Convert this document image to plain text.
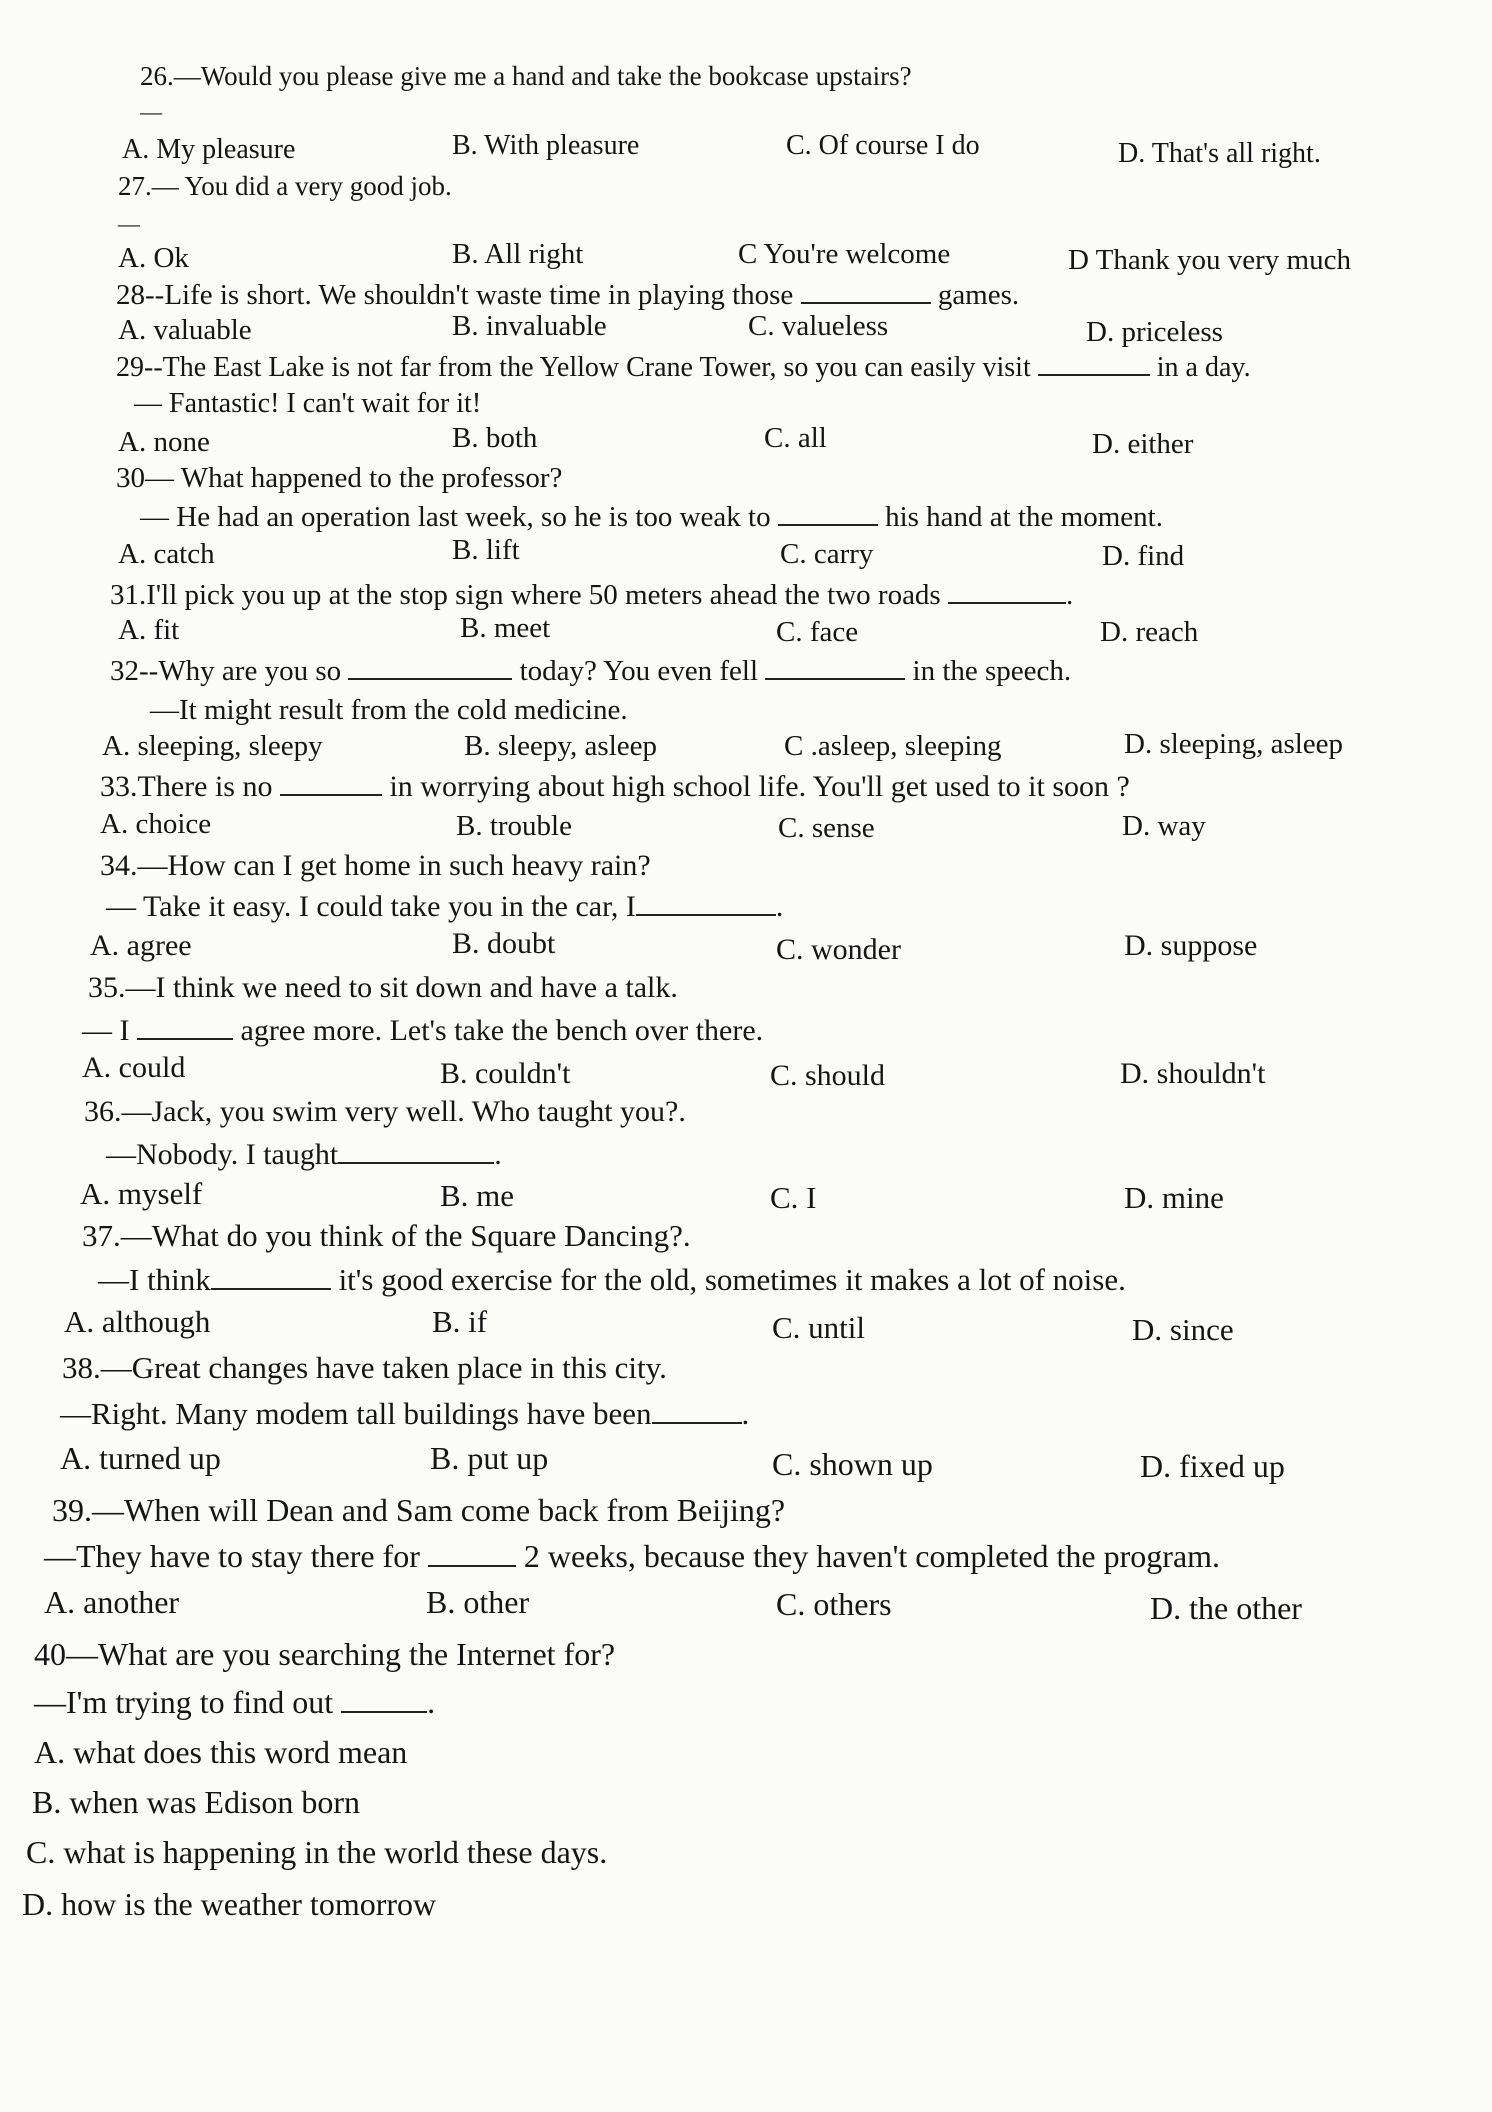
26.—Would you please give me a hand and take the bookcase upstairs?
—
A. My pleasure	B. With pleasure	C. Of course I do	D. That's all right.
27.— You did a very good job.
—
A. Ok	B. All right	C You're welcome	D Thank you very much
28--Life is short. We shouldn't waste time in playing those	games.
A. valuable	B. invaluable	C. valueless	D. priceless
29--The East Lake is not far from the Yellow Crane Tower, so you can easily visit	in a day.
— Fantastic! I can't wait for it!
A. none	B. both	C. all	D. either
30— What happened to the professor?
— He had an operation last week, so he is too weak to	his hand at the moment.
A. catch	B. lift	C. carry	D. find
31.I'll pick you up at the stop sign where 50 meters ahead the two roads	.
A. fit	B. meet	C. face	D. reach
32--Why are you so	today? You even fell	in the speech.
—It might result from the cold medicine.
A. sleeping, sleepy	B. sleepy, asleep	C .asleep, sleeping	D. sleeping, asleep
33.There is no	in worrying about high school life. You'll get used to it soon ?
A. choice	B. trouble	C. sense	D. way
34.—How can I get home in such heavy rain?
— Take it easy. I could take you in the car, I	.
A. agree	B. doubt	C. wonder	D. suppose
35.—I think we need to sit down and have a talk.
— I	agree more. Let's take the bench over there.
A. could	B. couldn't	C. should	D. shouldn't
36.—Jack, you swim very well. Who taught you?.
—Nobody. I taught	.
A. myself	B. me	C. I	D. mine
37.—What do you think of the Square Dancing?.
—I think	it's good exercise for the old, sometimes it makes a lot of noise.
A. although	B. if	C. until	D. since
38.—Great changes have taken place in this city.
—Right. Many modem tall buildings have been	.
A. turned up	B. put up	C. shown up	D. fixed up
39.—When will Dean and Sam come back from Beijing?
—They have to stay there for	2 weeks, because they haven't completed the program.
A. another	B. other	C. others	D. the other
40—What are you searching the Internet for?
—I'm trying to find out	.
A. what does this word mean
B. when was Edison born
C. what is happening in the world these days.
D. how is the weather tomorrow
